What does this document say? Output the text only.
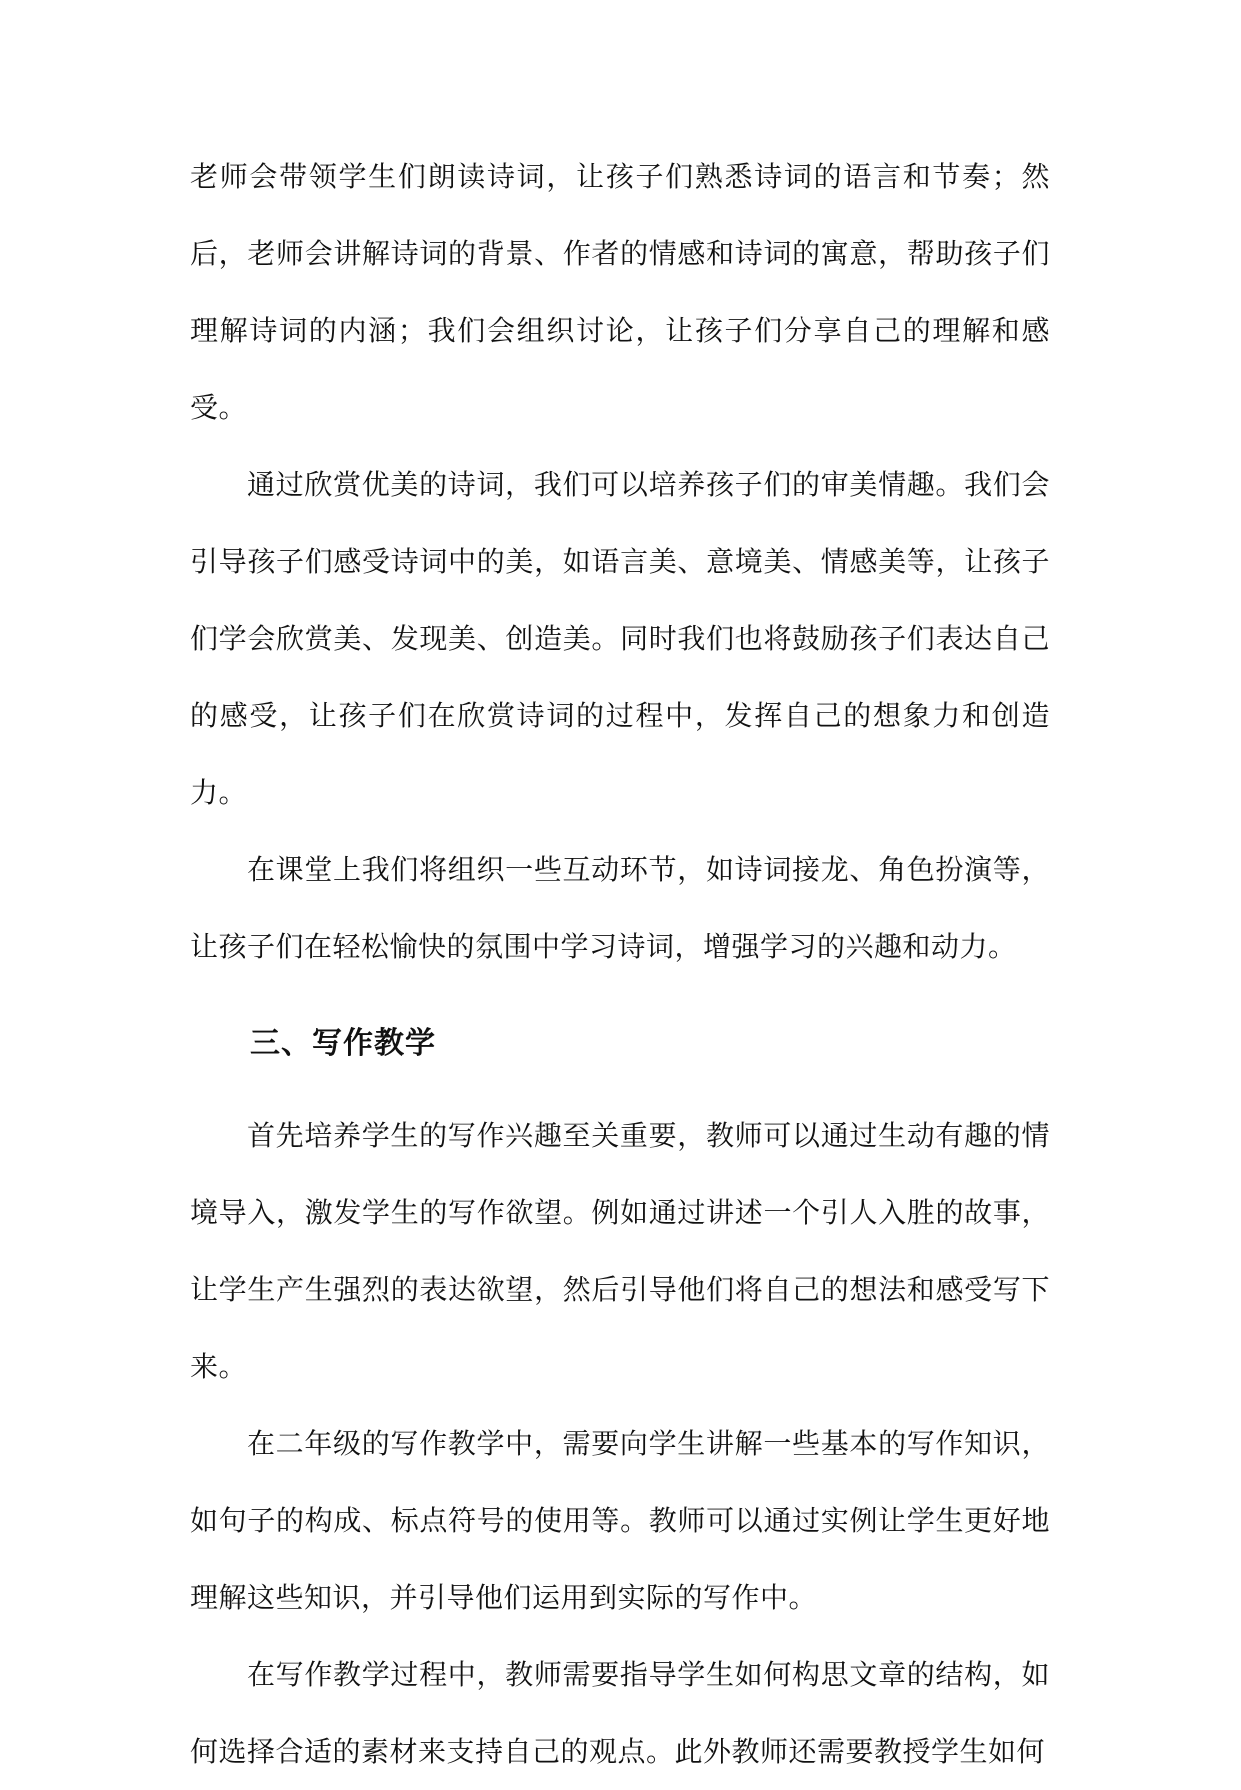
老师会带领学生们朗读诗词，让孩子们熟悉诗词的语言和节奏；然后，老师会讲解诗词的背景、作者的情感和诗词的寓意，帮助孩子们理解诗词的内涵；我们会组织讨论，让孩子们分享自己的理解和感受。

通过欣赏优美的诗词，我们可以培养孩子们的审美情趣。我们会引导孩子们感受诗词中的美，如语言美、意境美、情感美等，让孩子们学会欣赏美、发现美、创造美。同时我们也将鼓励孩子们表达自己的感受，让孩子们在欣赏诗词的过程中，发挥自己的想象力和创造力。

在课堂上我们将组织一些互动环节，如诗词接龙、角色扮演等，让孩子们在轻松愉快的氛围中学习诗词，增强学习的兴趣和动力。

三、写作教学

首先培养学生的写作兴趣至关重要，教师可以通过生动有趣的情境导入，激发学生的写作欲望。例如通过讲述一个引人入胜的故事，让学生产生强烈的表达欲望，然后引导他们将自己的想法和感受写下来。

在二年级的写作教学中，需要向学生讲解一些基本的写作知识，如句子的构成、标点符号的使用等。教师可以通过实例让学生更好地理解这些知识，并引导他们运用到实际的写作中。

在写作教学过程中，教师需要指导学生如何构思文章的结构，如何选择合适的素材来支持自己的观点。此外教师还需要教授学生如何
